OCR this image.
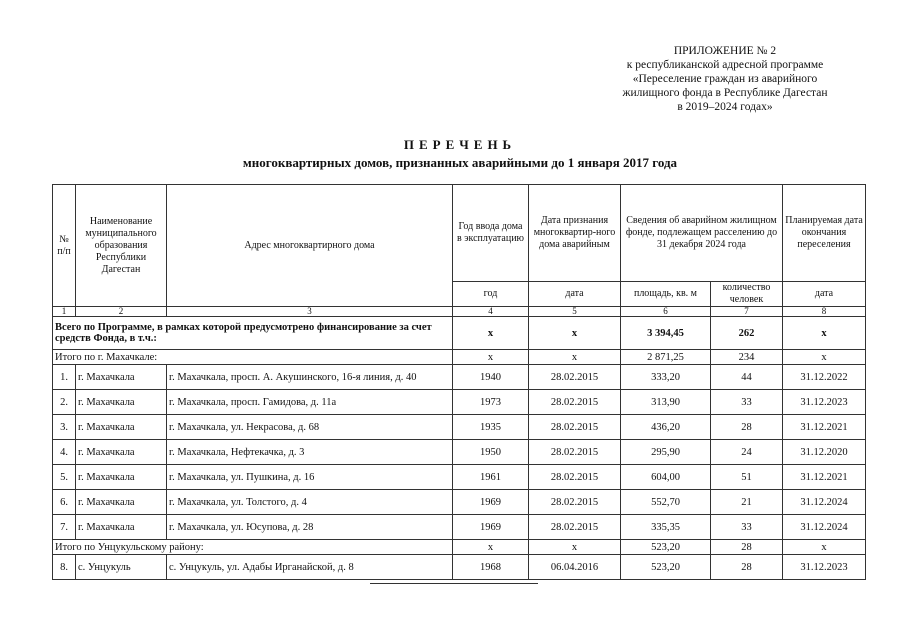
ПРИЛОЖЕНИЕ № 2
к республиканской адресной программе
«Переселение граждан из аварийного
жилищного фонда в Республике Дагестан
в 2019–2024 годах»
ПЕРЕЧЕНЬ
многоквартирных домов, признанных аварийными до 1 января 2017 года
№ п/п	Наименование муниципального образования Республики Дагестан	Адрес многоквартирного дома	Год ввода дома в эксплуатацию	Дата признания многоквартир-ного дома аварийным	Сведения об аварийном жилищном фонде, подлежащем расселению до 31 декабря 2024 года		Планируемая дата окончания переселения
			год	дата	площадь, кв. м	количество человек	дата
1	2	3	4	5	6	7	8
Всего по Программе, в рамках которой предусмотрено финансирование за счет средств Фонда, в т.ч.:			x	x	3 394,45	262	x
Итого по г. Махачкале:			x	x	2 871,25	234	x
1.	г. Махачкала	г. Махачкала, просп. А. Акушинского, 16-я линия, д. 40	1940	28.02.2015	333,20	44	31.12.2022
2.	г. Махачкала	г. Махачкала, просп. Гамидова, д. 11а	1973	28.02.2015	313,90	33	31.12.2023
3.	г. Махачкала	г. Махачкала, ул. Некрасова, д. 68	1935	28.02.2015	436,20	28	31.12.2021
4.	г. Махачкала	г. Махачкала, Нефтекачка, д. 3	1950	28.02.2015	295,90	24	31.12.2020
5.	г. Махачкала	г. Махачкала, ул. Пушкина, д. 16	1961	28.02.2015	604,00	51	31.12.2021
6.	г. Махачкала	г. Махачкала, ул. Толстого, д. 4	1969	28.02.2015	552,70	21	31.12.2024
7.	г. Махачкала	г. Махачкала, ул. Юсупова, д. 28	1969	28.02.2015	335,35	33	31.12.2024
Итого по Унцукульскому району:			x	x	523,20	28	x
8.	с. Унцукуль	с. Унцукуль, ул. Адабы Ирганайской, д. 8	1968	06.04.2016	523,20	28	31.12.2023
